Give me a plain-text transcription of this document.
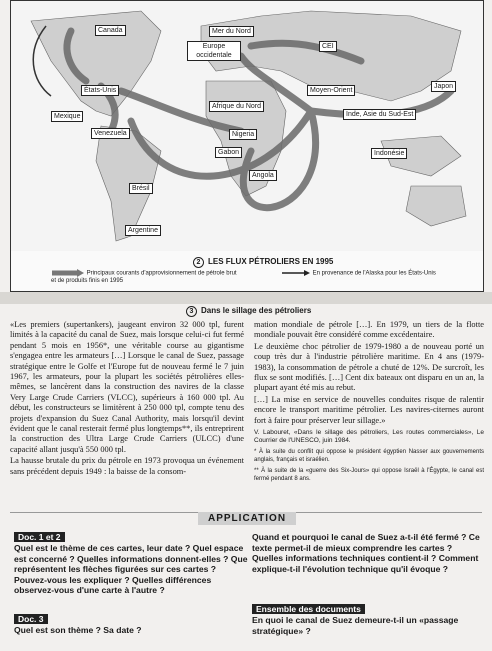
Canada
États-Unis
Mexique
Venezuela
Brésil
Argentine
Mer du Nord
Europe occidentale
Afrique du Nord
Nigeria
Gabon
Angola
CEI
Moyen-Orient
Inde, Asie du Sud-Est
Japon
Indonésie
2 LES FLUX PÉTROLIERS EN 1995
Principaux courants d'approvisionnement de pétrole brut et de produits finis en 1995
En provenance de l'Alaska pour les États-Unis
3 Dans le sillage des pétroliers

«Les premiers (supertankers), jaugeant environ 32 000 tpl, furent limités à la capacité du canal de Suez, mais lorsque celui-ci fut fermé pendant 5 mois en 1956*, une véritable course au gigantisme s'engagea entre les armateurs […] Lorsque le canal de Suez, passage stratégique entre le Golfe et l'Europe fut de nouveau fermé le 7 juin 1967, les armateurs, pour la plupart les sociétés pétrolières elles-mêmes, se lancèrent dans la construction des navires de la classe Very Large Crude Carriers (VLCC), supérieurs à 160 000 tpl. Au début, les constructeurs se limitèrent à 250 000 tpl, compte tenu des projets d'expansion du Suez Canal Authority, mais lorsqu'il devint évident que le canal resterait fermé plus longtemps**, ils entreprirent la construction des Ultra Large Crude Carriers (ULCC) d'une capacité allant jusqu'à 550 000 tpl.

La hausse brutale du prix du pétrole en 1973 provoqua un événement sans précédent depuis 1949 : la baisse de la consom-

mation mondiale de pétrole […]. En 1979, un tiers de la flotte mondiale pouvait être considéré comme excédentaire.

Le deuxième choc pétrolier de 1979-1980 a de nouveau porté un coup très dur à l'industrie pétrolière maritime. En 4 ans (1979-1983), la consommation de pétrole a chuté de 12%. De surcroît, les flux se sont modifiés. […] Cent dix bateaux ont disparu en un an, la plupart ayant été mis au rebut.

[…] La mise en service de nouvelles conduites risque de ralentir encore le transport maritime pétrolier. Les navires-citernes auront fort à faire pour préserver leur sillage.»

V. Labouret, «Dans le sillage des pétroliers, Les routes commerciales», Le Courrier de l'UNESCO, juin 1984.
* À la suite du conflit qui oppose le président égyptien Nasser aux gouvernements anglais, français et israélien.
** À la suite de la «guerre des Six-Jours» qui oppose Israël à l'Égypte, le canal est fermé pendant 8 ans.
APPLICATION
Doc. 1 et 2
Quel est le thème de ces cartes, leur date ? Quel espace est concerné ? Quelles informations donnent-elles ? Que représentent les flèches figurées sur ces cartes ? Pouvez-vous les expliquer ? Quelles différences observez-vous d'une carte à l'autre ?
Doc. 3
Quel est son thème ? Sa date ?
Quand et pourquoi le canal de Suez a-t-il été fermé ? Ce texte permet-il de mieux comprendre les cartes ? Quelles informations techniques contient-il ? Comment explique-t-il l'évolution technique qu'il évoque ?
Ensemble des documents
En quoi le canal de Suez demeure-t-il un «passage stratégique» ?
